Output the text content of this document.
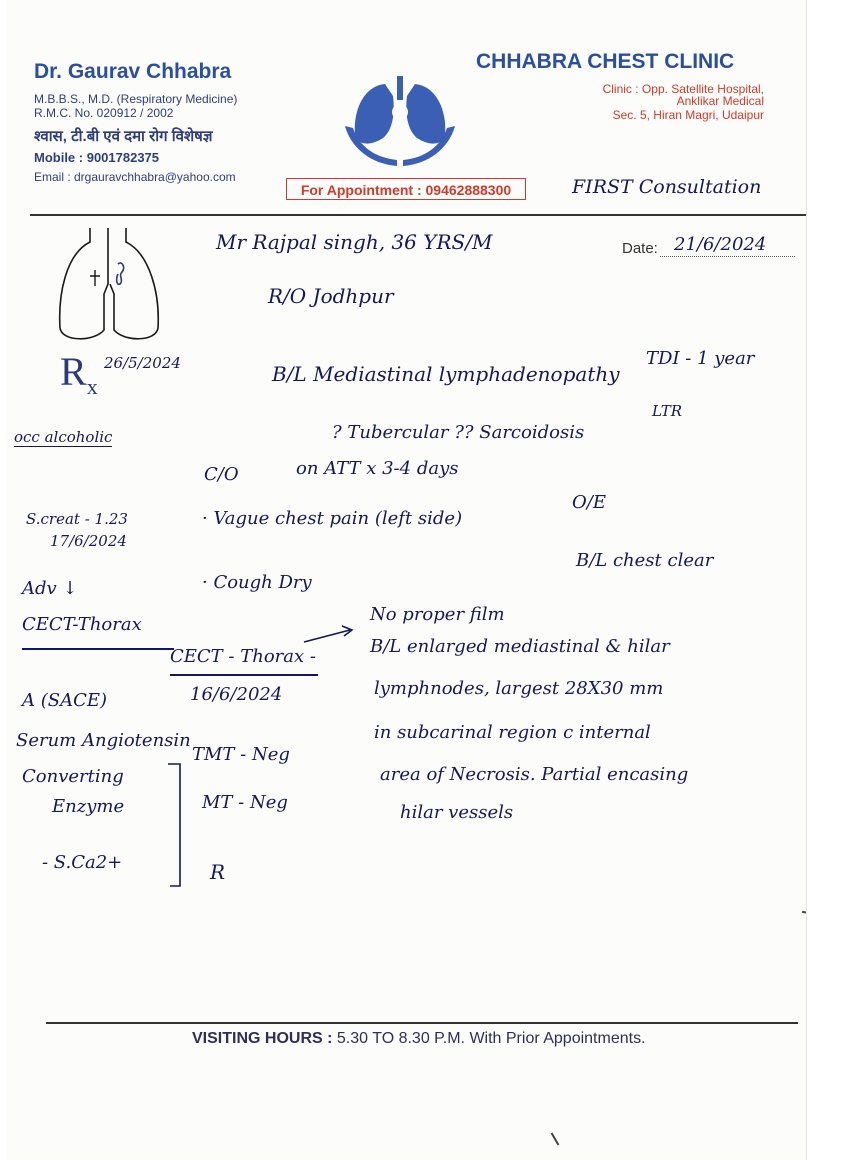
Dr. Gaurav Chhabra
M.B.B.S., M.D. (Respiratory Medicine)
R.M.C. No. 020912 / 2002
श्वास, टी.बी एवं दमा रोग विशेषज्ञ
Mobile : 9001782375
Email : drgauravchhabra@yahoo.com
CHHABRA CHEST CLINIC
Clinic : Opp. Satellite Hospital,
Anklikar Medical
Sec. 5, Hiran Magri, Udaipur
For Appointment : 09462888300	FIRST Consultation
$R_x$
Mr Rajpal singh, 36 YRS/M	Date: 21/6/2024
R/O Jodhpur
26/5/2024
occ alcoholic
S.creat - 1.23
17/6/2024
Adv ↓
CECT-Thorax
B/L Mediastinal lymphadenopathy
TDI - 1 year
LTR
? Tubercular ?? Sarcoidosis
C/O	on ATT x 3-4 days
O/E
· Vague chest pain (left side)
B/L chest clear
· Cough Dry
No proper film
CECT - Thorax -
16/6/2024
B/L enlarged mediastinal & hilar
lymphnodes, largest 28X30 mm
in subcarinal region c internal
area of Necrosis. Partial encasing
hilar vessels
A (SACE)
Serum Angiotensin
Converting
Enzyme
- S.Ca2+
TMT - Neg
MT - Neg
R
VISITING HOURS : 5.30 TO 8.30 P.M. With Prior Appointments.
